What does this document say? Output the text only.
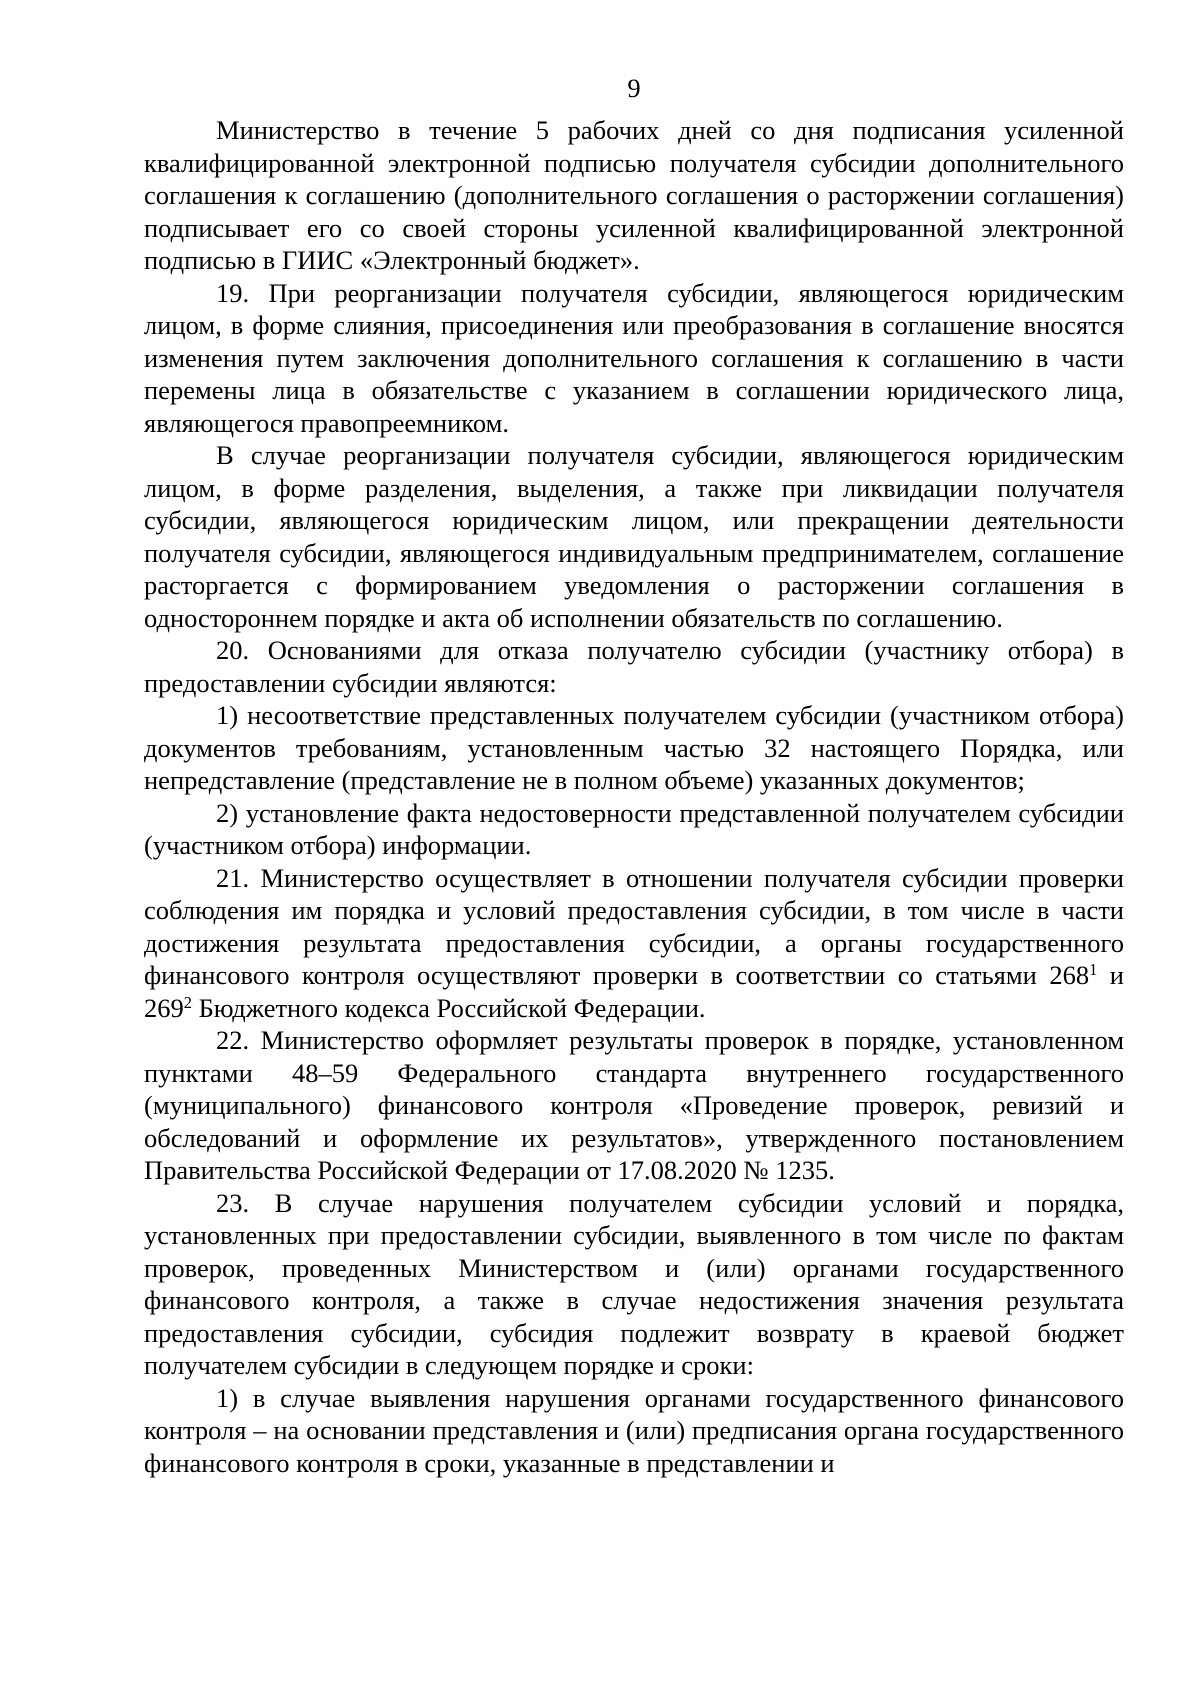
9

Министерство в течение 5 рабочих дней со дня подписания усиленной квалифицированной электронной подписью получателя субсидии дополнительного соглашения к соглашению (дополнительного соглашения о расторжении соглашения) подписывает его со своей стороны усиленной квалифицированной электронной подписью в ГИИС «Электронный бюджет».

19. При реорганизации получателя субсидии, являющегося юридическим лицом, в форме слияния, присоединения или преобразования в соглашение вносятся изменения путем заключения дополнительного соглашения к соглашению в части перемены лица в обязательстве с указанием в соглашении юридического лица, являющегося правопреемником.

В случае реорганизации получателя субсидии, являющегося юридическим лицом, в форме разделения, выделения, а также при ликвидации получателя субсидии, являющегося юридическим лицом, или прекращении деятельности получателя субсидии, являющегося индивидуальным предпринимателем, соглашение расторгается с формированием уведомления о расторжении соглашения в одностороннем порядке и акта об исполнении обязательств по соглашению.

20. Основаниями для отказа получателю субсидии (участнику отбора) в предоставлении субсидии являются:

1) несоответствие представленных получателем субсидии (участником отбора) документов требованиям, установленным частью 32 настоящего Порядка, или непредставление (представление не в полном объеме) указанных документов;

2) установление факта недостоверности представленной получателем субсидии (участником отбора) информации.

21. Министерство осуществляет в отношении получателя субсидии проверки соблюдения им порядка и условий предоставления субсидии, в том числе в части достижения результата предоставления субсидии, а органы государственного финансового контроля осуществляют проверки в соответствии со статьями $268^1$ и $269^2$ Бюджетного кодекса Российской Федерации.

22. Министерство оформляет результаты проверок в порядке, установленном пунктами 48–59 Федерального стандарта внутреннего государственного (муниципального) финансового контроля «Проведение проверок, ревизий и обследований и оформление их результатов», утвержденного постановлением Правительства Российской Федерации от 17.08.2020 № 1235.

23. В случае нарушения получателем субсидии условий и порядка, установленных при предоставлении субсидии, выявленного в том числе по фактам проверок, проведенных Министерством и (или) органами государственного финансового контроля, а также в случае недостижения значения результата предоставления субсидии, субсидия подлежит возврату в краевой бюджет получателем субсидии в следующем порядке и сроки:

1) в случае выявления нарушения органами государственного финансового контроля – на основании представления и (или) предписания органа государственного финансового контроля в сроки, указанные в представлении и
